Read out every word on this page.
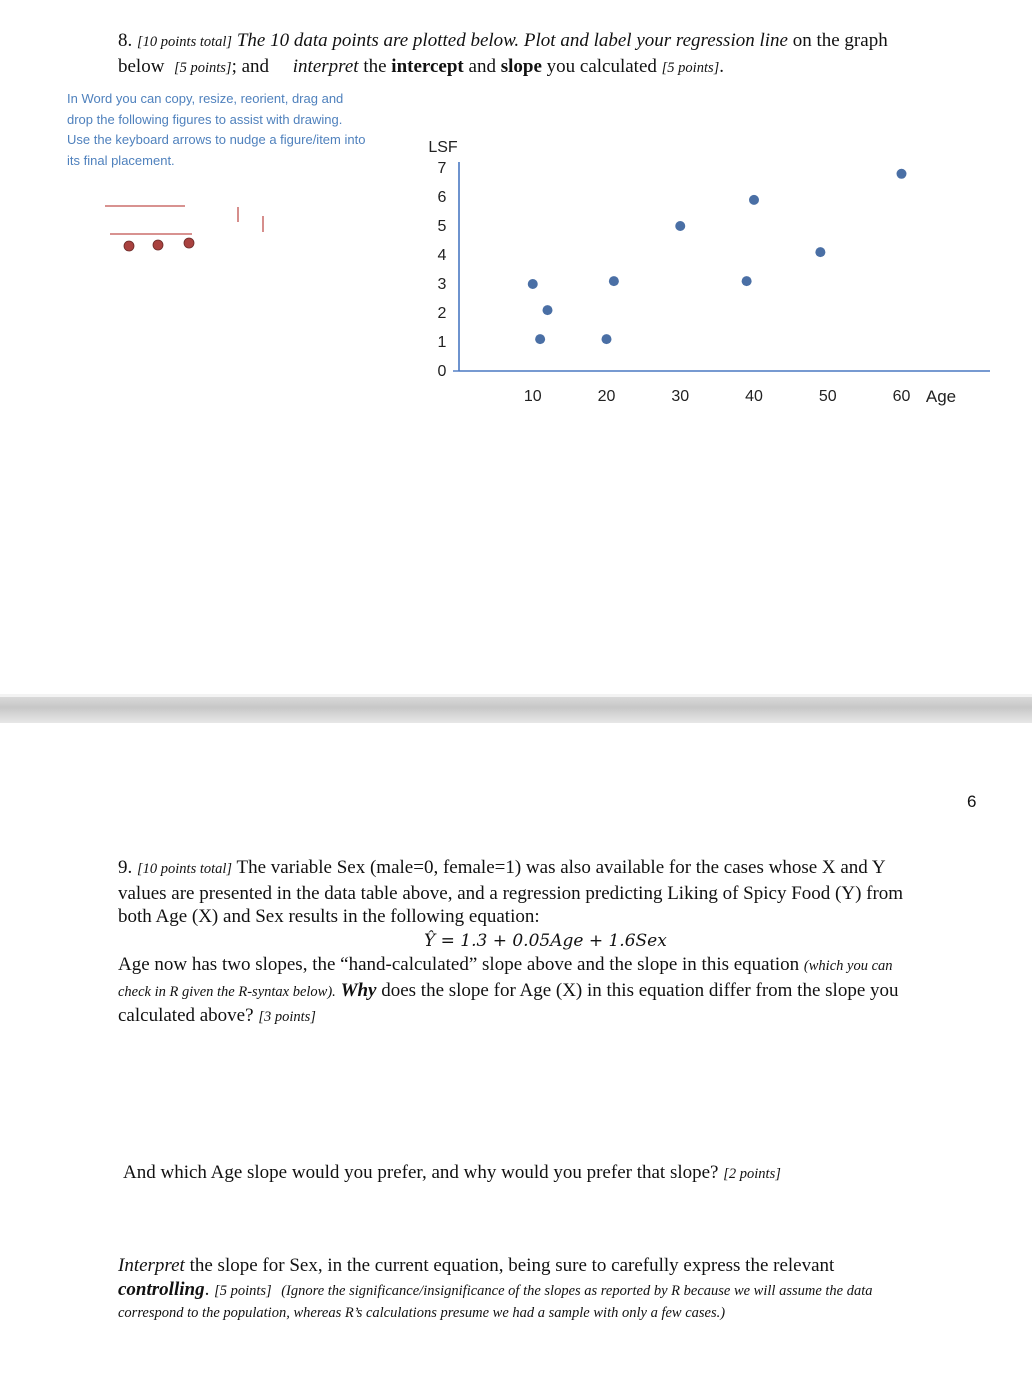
8. [10 points total] The 10 data points are plotted below. Plot and label your regression line on the graph
below [5 points]; and interpret the intercept and slope you calculated [5 points].
In Word you can copy, resize, reorient, drag and
drop the following figures to assist with drawing.
Use the keyboard arrows to nudge a figure/item into
its final placement.
LSF
0
1
2
3
4
5
6
7
10	20	30	40	50	60 Age
6
9. [10 points total] The variable Sex (male=0, female=1) was also available for the cases whose X and Y
values are presented in the data table above, and a regression predicting Liking of Spicy Food (Y) from
both Age (X) and Sex results in the following equation:
Ŷ = 1.3 + 0.05Age + 1.6Sex
Age now has two slopes, the “hand-calculated” slope above and the slope in this equation (which you can
check in R given the R-syntax below). Why does the slope for Age (X) in this equation differ from the slope you
calculated above? [3 points]
And which Age slope would you prefer, and why would you prefer that slope? [2 points]
Interpret the slope for Sex, in the current equation, being sure to carefully express the relevant
controlling. [5 points] (Ignore the significance/insignificance of the slopes as reported by R because we will assume the data
correspond to the population, whereas R’s calculations presume we had a sample with only a few cases.)
